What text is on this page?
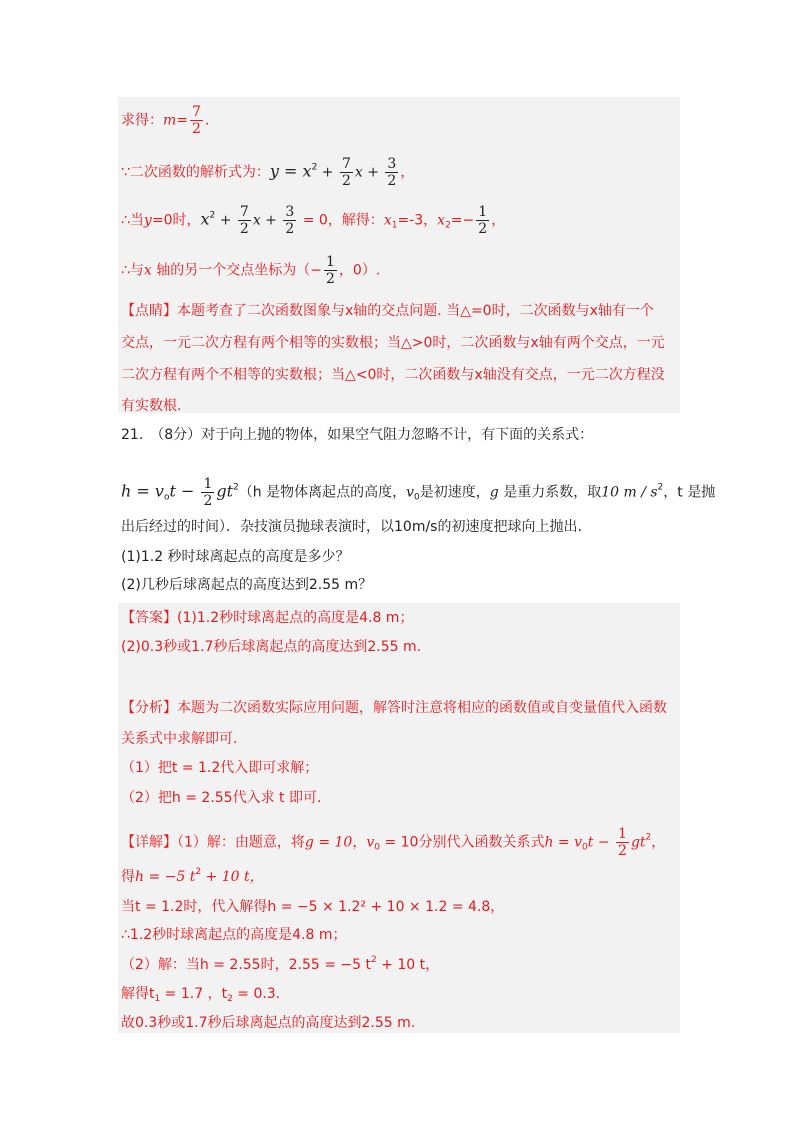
求得：$m= \frac{7}{2}$ .
∵二次函数的解析式为：$y = x^2 + \frac{7}{2}$ $x + \frac{3}{2}$ ，
∴当y=0时，$x^2 + \frac{7}{2}$ $x + \frac{3}{2} = 0$，解得：$x_1=-3$，$x_2=- \frac{1}{2}$ ，
∴与x 轴的另一个交点坐标为（− $\frac{1}{2}$ ，0）.
【点睛】本题考查了二次函数图象与x轴的交点问题. 当△=0时，二次函数与x轴有一个
交点，一元二次方程有两个相等的实数根；当△>0时，二次函数与x轴有两个交点，一元
二次方程有两个不相等的实数根；当△<0时，二次函数与x轴没有交点，一元二次方程没
有实数根.
21.　（8分）对于向上抛的物体，如果空气阻力忽略不计，有下面的关系式：
$h = v_ot - \frac{1}{2} gt^2(h$ 是物体离起点的高度，$v_0$是初速度，g 是重力系数，取10 m / $s^2$，t 是抛
出后经过的时间）．杂技演员抛球表演时，以10m/s的初速度把球向上抛出.
(1)1.2 秒时球离起点的高度是多少？
(2)几秒后球离起点的高度达到2.55 m？
【答案】(1)1.2秒时球离起点的高度是4.8 m；
(2)0.3秒或1.7秒后球离起点的高度达到2.55 m.
【分析】本题为二次函数实际应用问题，解答时注意将相应的函数值或自变量值代入函数
关系式中求解即可.
（1）把t = 1.2代入即可求解；
（2）把h = 2.55代入求 t 即可.
【详解】（1）解：由题意，将g = 10，$v_0 = 10$分别代入函数关系式$h = v_0t - \frac{1}{2} gt^2$，
得h = −5 $t^2 + 10$ t，
当t = 1.2时，代入解得h = −5 × 1.2² + 10 × 1.2 = 4.8，
∴1.2秒时球离起点的高度是4.8 m；
（2）解：当h = 2.55时，2.55 = −5 $t^2 + 10$ t，
解得$t_1 = 1.7$ ，$t_2 = 0.3$.
故0.3秒或1.7秒后球离起点的高度达到2.55 m.
